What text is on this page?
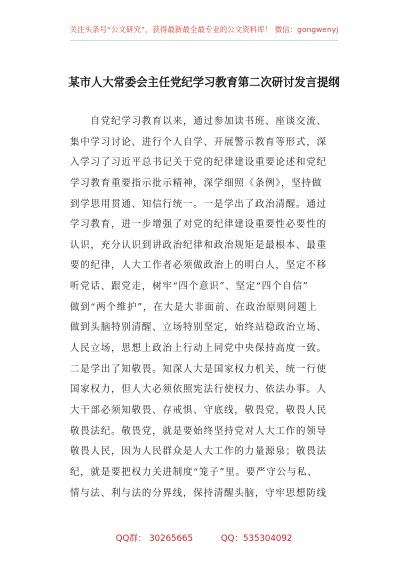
关注头条号“公文研究”，获得最新最全最专业的公文资料库！ 微信：gongwenyj
某市人大常委会主任党纪学习教育第二次研讨发言提纲
　　自党纪学习教育以来，通过参加读书班、座谈交流、
集中学习讨论、进行个人自学、开展警示教育等形式，深
入学习了习近平总书记关于党的纪律建设重要论述和党纪
学习教育重要指示批示精神，深学细照《条例》，坚持做
到学思用贯通、知信行统一。一是学出了政治清醒。通过
学习教育，进一步增强了对党的纪律建设重要性必要性的
认识，充分认识到讲政治纪律和政治规矩是最根本、最重
要的纪律，人大工作者必须做政治上的明白人，坚定不移
听党话、跟党走，树牢“四个意识”、坚定“四个自信”
做到“两个维护”，在大是大非面前、在政治原则问题上
做到头脑特别清醒、立场特别坚定，始终站稳政治立场、
人民立场，思想上政治上行动上同党中央保持高度一致。
二是学出了知敬畏。知深人大是国家权力机关，统一行使
国家权力，但人大必须依照宪法行使权力、依法办事。人
大干部必须知敬畏、存戒惧、守底线，敬畏党，敬畏人民
敬畏法纪。敬畏党，就是要始终坚持党对人大工作的领导
敬畏人民，因为人民群众是人大工作的力量源泉；敬畏法
纪，就是要把权力关进制度“笼子”里。要严守公与私、
情与法、利与法的分界线，保持清醒头脑，守牢思想防线
QQ群： 30265665	QQ：535304092
